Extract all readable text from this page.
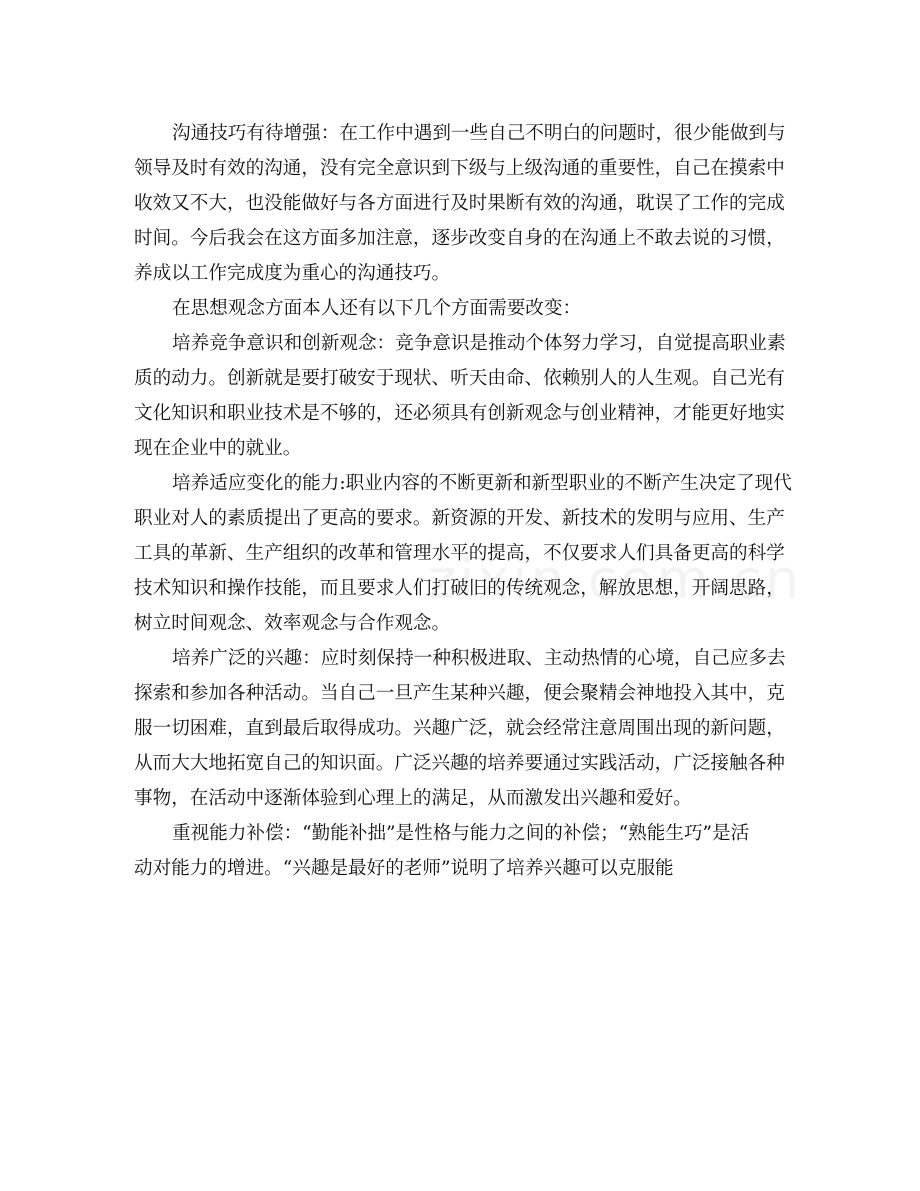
沟通技巧有待增强：在工作中遇到一些自己不明白的问题时，很少能做到与
领导及时有效的沟通，没有完全意识到下级与上级沟通的重要性，自己在摸索中
收效又不大，也没能做好与各方面进行及时果断有效的沟通，耽误了工作的完成
时间。今后我会在这方面多加注意，逐步改变自身的在沟通上不敢去说的习惯，
养成以工作完成度为重心的沟通技巧。
在思想观念方面本人还有以下几个方面需要改变：
培养竞争意识和创新观念：竞争意识是推动个体努力学习，自觉提高职业素
质的动力。创新就是要打破安于现状、听天由命、依赖别人的人生观。自己光有
文化知识和职业技术是不够的，还必须具有创新观念与创业精神，才能更好地实
现在企业中的就业。
培养适应变化的能力:职业内容的不断更新和新型职业的不断产生决定了现代
职业对人的素质提出了更高的要求。新资源的开发、新技术的发明与应用、生产
工具的革新、生产组织的改革和管理水平的提高，不仅要求人们具备更高的科学
技术知识和操作技能，而且要求人们打破旧的传统观念，解放思想，开阔思路，
树立时间观念、效率观念与合作观念。
培养广泛的兴趣：应时刻保持一种积极进取、主动热情的心境，自己应多去
探索和参加各种活动。当自己一旦产生某种兴趣，便会聚精会神地投入其中，克
服一切困难，直到最后取得成功。兴趣广泛，就会经常注意周围出现的新问题，
从而大大地拓宽自己的知识面。广泛兴趣的培养要通过实践活动，广泛接触各种
事物，在活动中逐渐体验到心理上的满足，从而激发出兴趣和爱好。
重视能力补偿：“勤能补拙”是性格与能力之间的补偿；“熟能生巧”是活
动对能力的增进。“兴趣是最好的老师”说明了培养兴趣可以克服能
